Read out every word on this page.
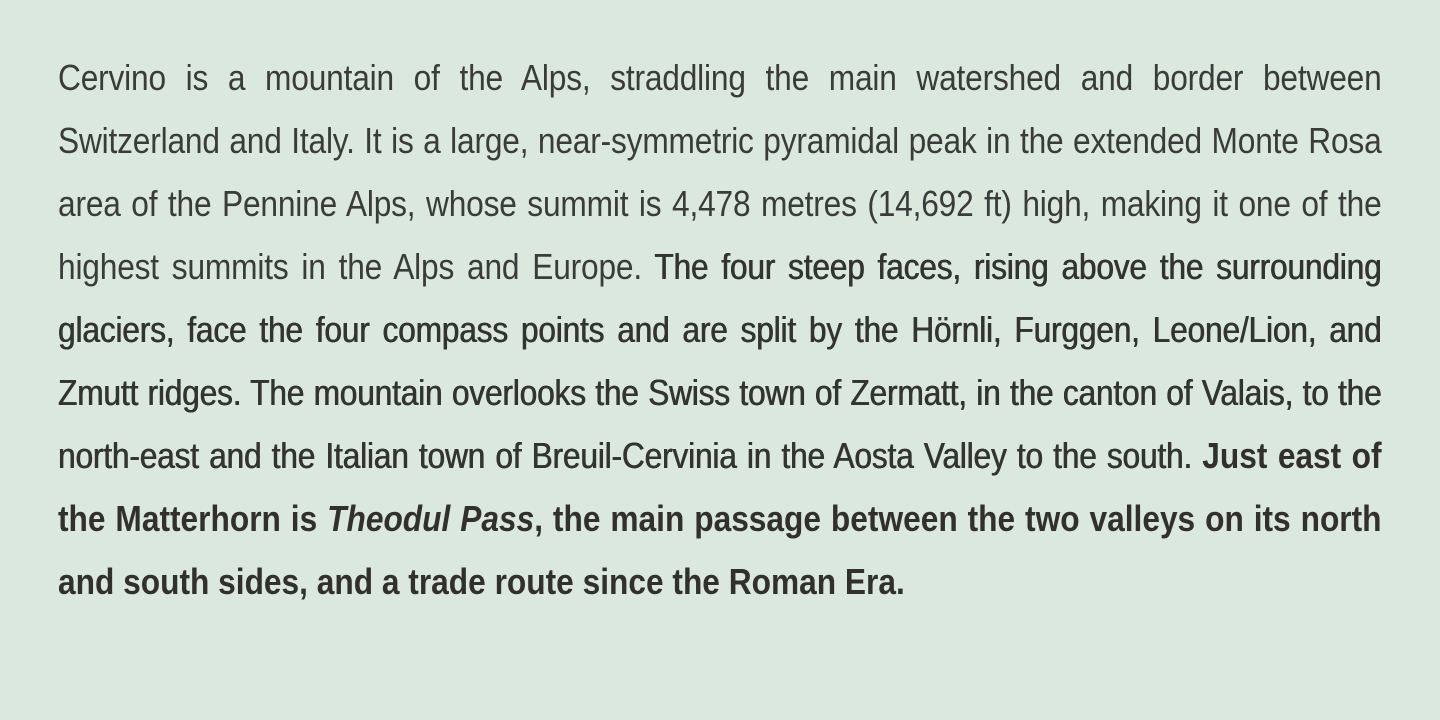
Cervino is a mountain of the Alps, straddling the main watershed and border between Switzerland and Italy. It is a large, near-symmetric pyramidal peak in the extended Monte Rosa area of the Pennine Alps, whose summit is 4,478 metres (14,692 ft) high, making it one of the highest summits in the Alps and Europe. The four steep faces, rising above the surrounding glaciers, face the four compass points and are split by the Hörnli, Furggen, Leone/Lion, and Zmutt ridges. The mountain overlooks the Swiss town of Zermatt, in the canton of Valais, to the north-east and the Italian town of Breuil-Cervinia in the Aosta Valley to the south. Just east of the Matterhorn is Theodul Pass, the main passage between the two valleys on its north and south sides, and a trade route since the Roman Era.
